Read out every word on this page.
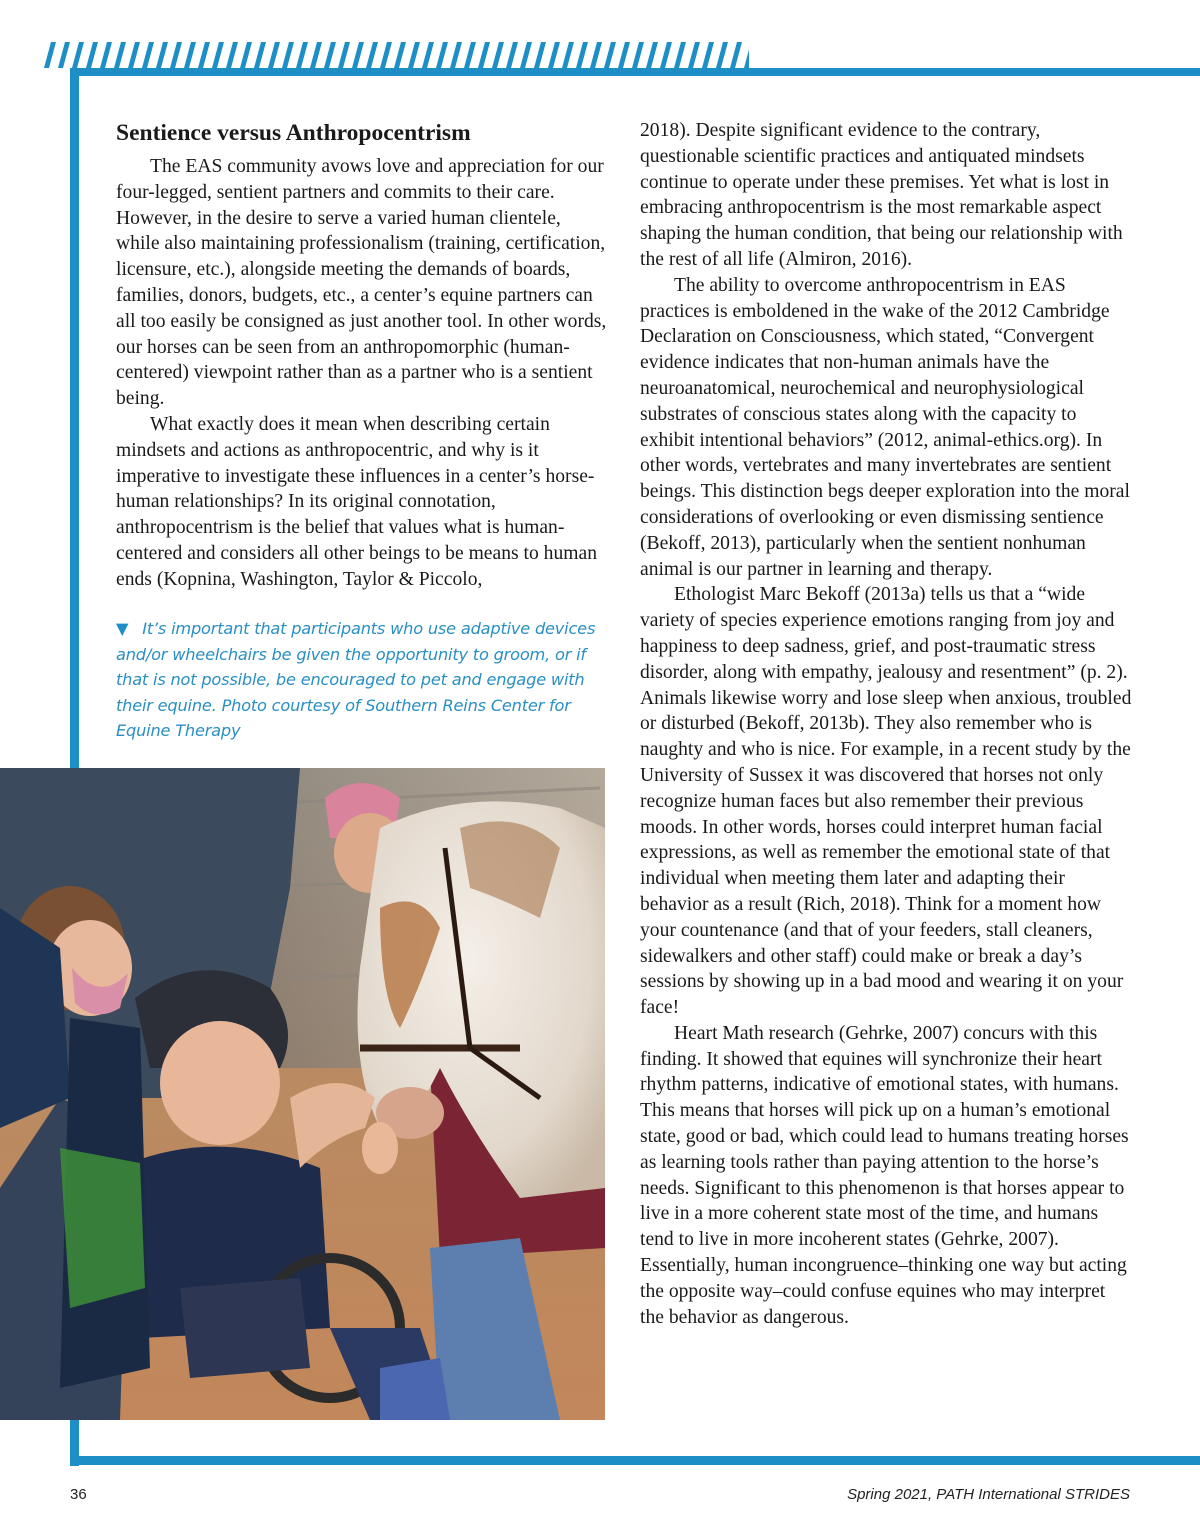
Sentience versus Anthropocentrism

The EAS community avows love and appreciation for our four-legged, sentient partners and commits to their care. However, in the desire to serve a varied human clientele, while also maintaining professionalism (training, certification, licensure, etc.), alongside meeting the demands of boards, families, donors, budgets, etc., a center’s equine partners can all too easily be consigned as just another tool. In other words, our horses can be seen from an anthropomorphic (human-centered) viewpoint rather than as a partner who is a sentient being.

What exactly does it mean when describing certain mindsets and actions as anthropocentric, and why is it imperative to investigate these influences in a center’s horse-human relationships? In its original connotation, anthropocentrism is the belief that values what is human-centered and considers all other beings to be means to human ends (Kopnina, Washington, Taylor & Piccolo,

▼ It’s important that participants who use adaptive devices and/or wheelchairs be given the opportunity to groom, or if that is not possible, be encouraged to pet and engage with their equine. Photo courtesy of Southern Reins Center for Equine Therapy

2018). Despite significant evidence to the contrary, questionable scientific practices and antiquated mindsets continue to operate under these premises. Yet what is lost in embracing anthropocentrism is the most remarkable aspect shaping the human condition, that being our relationship with the rest of all life (Almiron, 2016).

The ability to overcome anthropocentrism in EAS practices is emboldened in the wake of the 2012 Cambridge Declaration on Consciousness, which stated, “Convergent evidence indicates that non-human animals have the neuroanatomical, neurochemical and neurophysiological substrates of conscious states along with the capacity to exhibit intentional behaviors” (2012, animal-ethics.org). In other words, vertebrates and many invertebrates are sentient beings. This distinction begs deeper exploration into the moral considerations of overlooking or even dismissing sentience (Bekoff, 2013), particularly when the sentient nonhuman animal is our partner in learning and therapy.

Ethologist Marc Bekoff (2013a) tells us that a “wide variety of species experience emotions ranging from joy and happiness to deep sadness, grief, and post-traumatic stress disorder, along with empathy, jealousy and resentment” (p. 2). Animals likewise worry and lose sleep when anxious, troubled or disturbed (Bekoff, 2013b). They also remember who is naughty and who is nice. For example, in a recent study by the University of Sussex it was discovered that horses not only recognize human faces but also remember their previous moods. In other words, horses could interpret human facial expressions, as well as remember the emotional state of that individual when meeting them later and adapting their behavior as a result (Rich, 2018). Think for a moment how your countenance (and that of your feeders, stall cleaners, sidewalkers and other staff) could make or break a day’s sessions by showing up in a bad mood and wearing it on your face!

Heart Math research (Gehrke, 2007) concurs with this finding. It showed that equines will synchronize their heart rhythm patterns, indicative of emotional states, with humans. This means that horses will pick up on a human’s emotional state, good or bad, which could lead to humans treating horses as learning tools rather than paying attention to the horse’s needs. Significant to this phenomenon is that horses appear to live in a more coherent state most of the time, and humans tend to live in more incoherent states (Gehrke, 2007). Essentially, human incongruence–thinking one way but acting the opposite way–could confuse equines who may interpret the behavior as dangerous.

36	Spring 2021, PATH International STRIDES
